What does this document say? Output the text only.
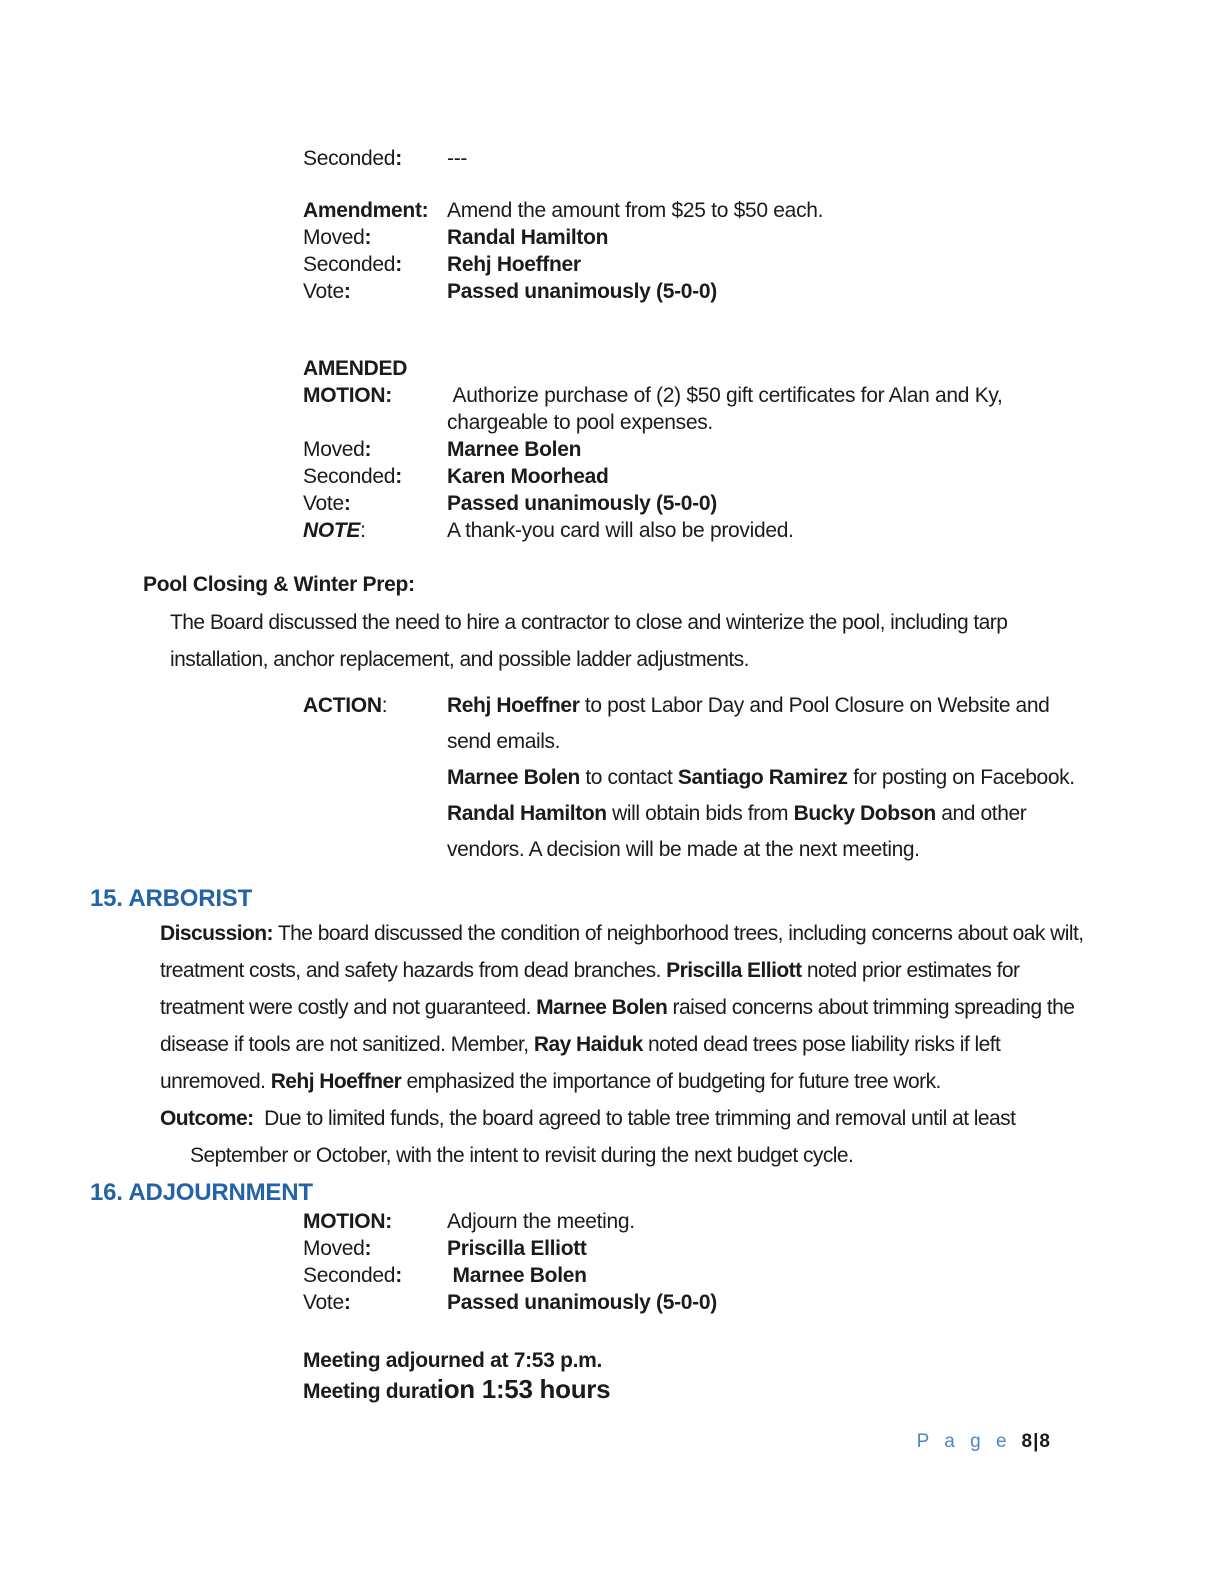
Seconded:	---
Amendment: Amend the amount from $25 to $50 each.
Moved:	Randal Hamilton
Seconded:	Rehj Hoeffner
Vote:	Passed unanimously (5-0-0)
AMENDED
MOTION:	Authorize purchase of (2) $50 gift certificates for Alan and Ky, chargeable to pool expenses.
Moved:	Marnee Bolen
Seconded:	Karen Moorhead
Vote:	Passed unanimously (5-0-0)
NOTE:	A thank-you card will also be provided.
Pool Closing & Winter Prep:
The Board discussed the need to hire a contractor to close and winterize the pool, including tarp installation, anchor replacement, and possible ladder adjustments.
ACTION:	Rehj Hoeffner to post Labor Day and Pool Closure on Website and send emails.
Marnee Bolen to contact Santiago Ramirez for posting on Facebook.
Randal Hamilton will obtain bids from Bucky Dobson and other vendors. A decision will be made at the next meeting.
15. ARBORIST
Discussion: The board discussed the condition of neighborhood trees, including concerns about oak wilt, treatment costs, and safety hazards from dead branches. Priscilla Elliott noted prior estimates for treatment were costly and not guaranteed. Marnee Bolen raised concerns about trimming spreading the disease if tools are not sanitized. Member, Ray Haiduk noted dead trees pose liability risks if left unremoved. Rehj Hoeffner emphasized the importance of budgeting for future tree work.
Outcome:  Due to limited funds, the board agreed to table tree trimming and removal until at least September or October, with the intent to revisit during the next budget cycle.
16. ADJOURNMENT
MOTION:	Adjourn the meeting.
Moved:	Priscilla Elliott
Seconded:	Marnee Bolen
Vote:	Passed unanimously (5-0-0)
Meeting adjourned at 7:53 p.m.
Meeting duration 1:53 hours
P a g e 8|8
